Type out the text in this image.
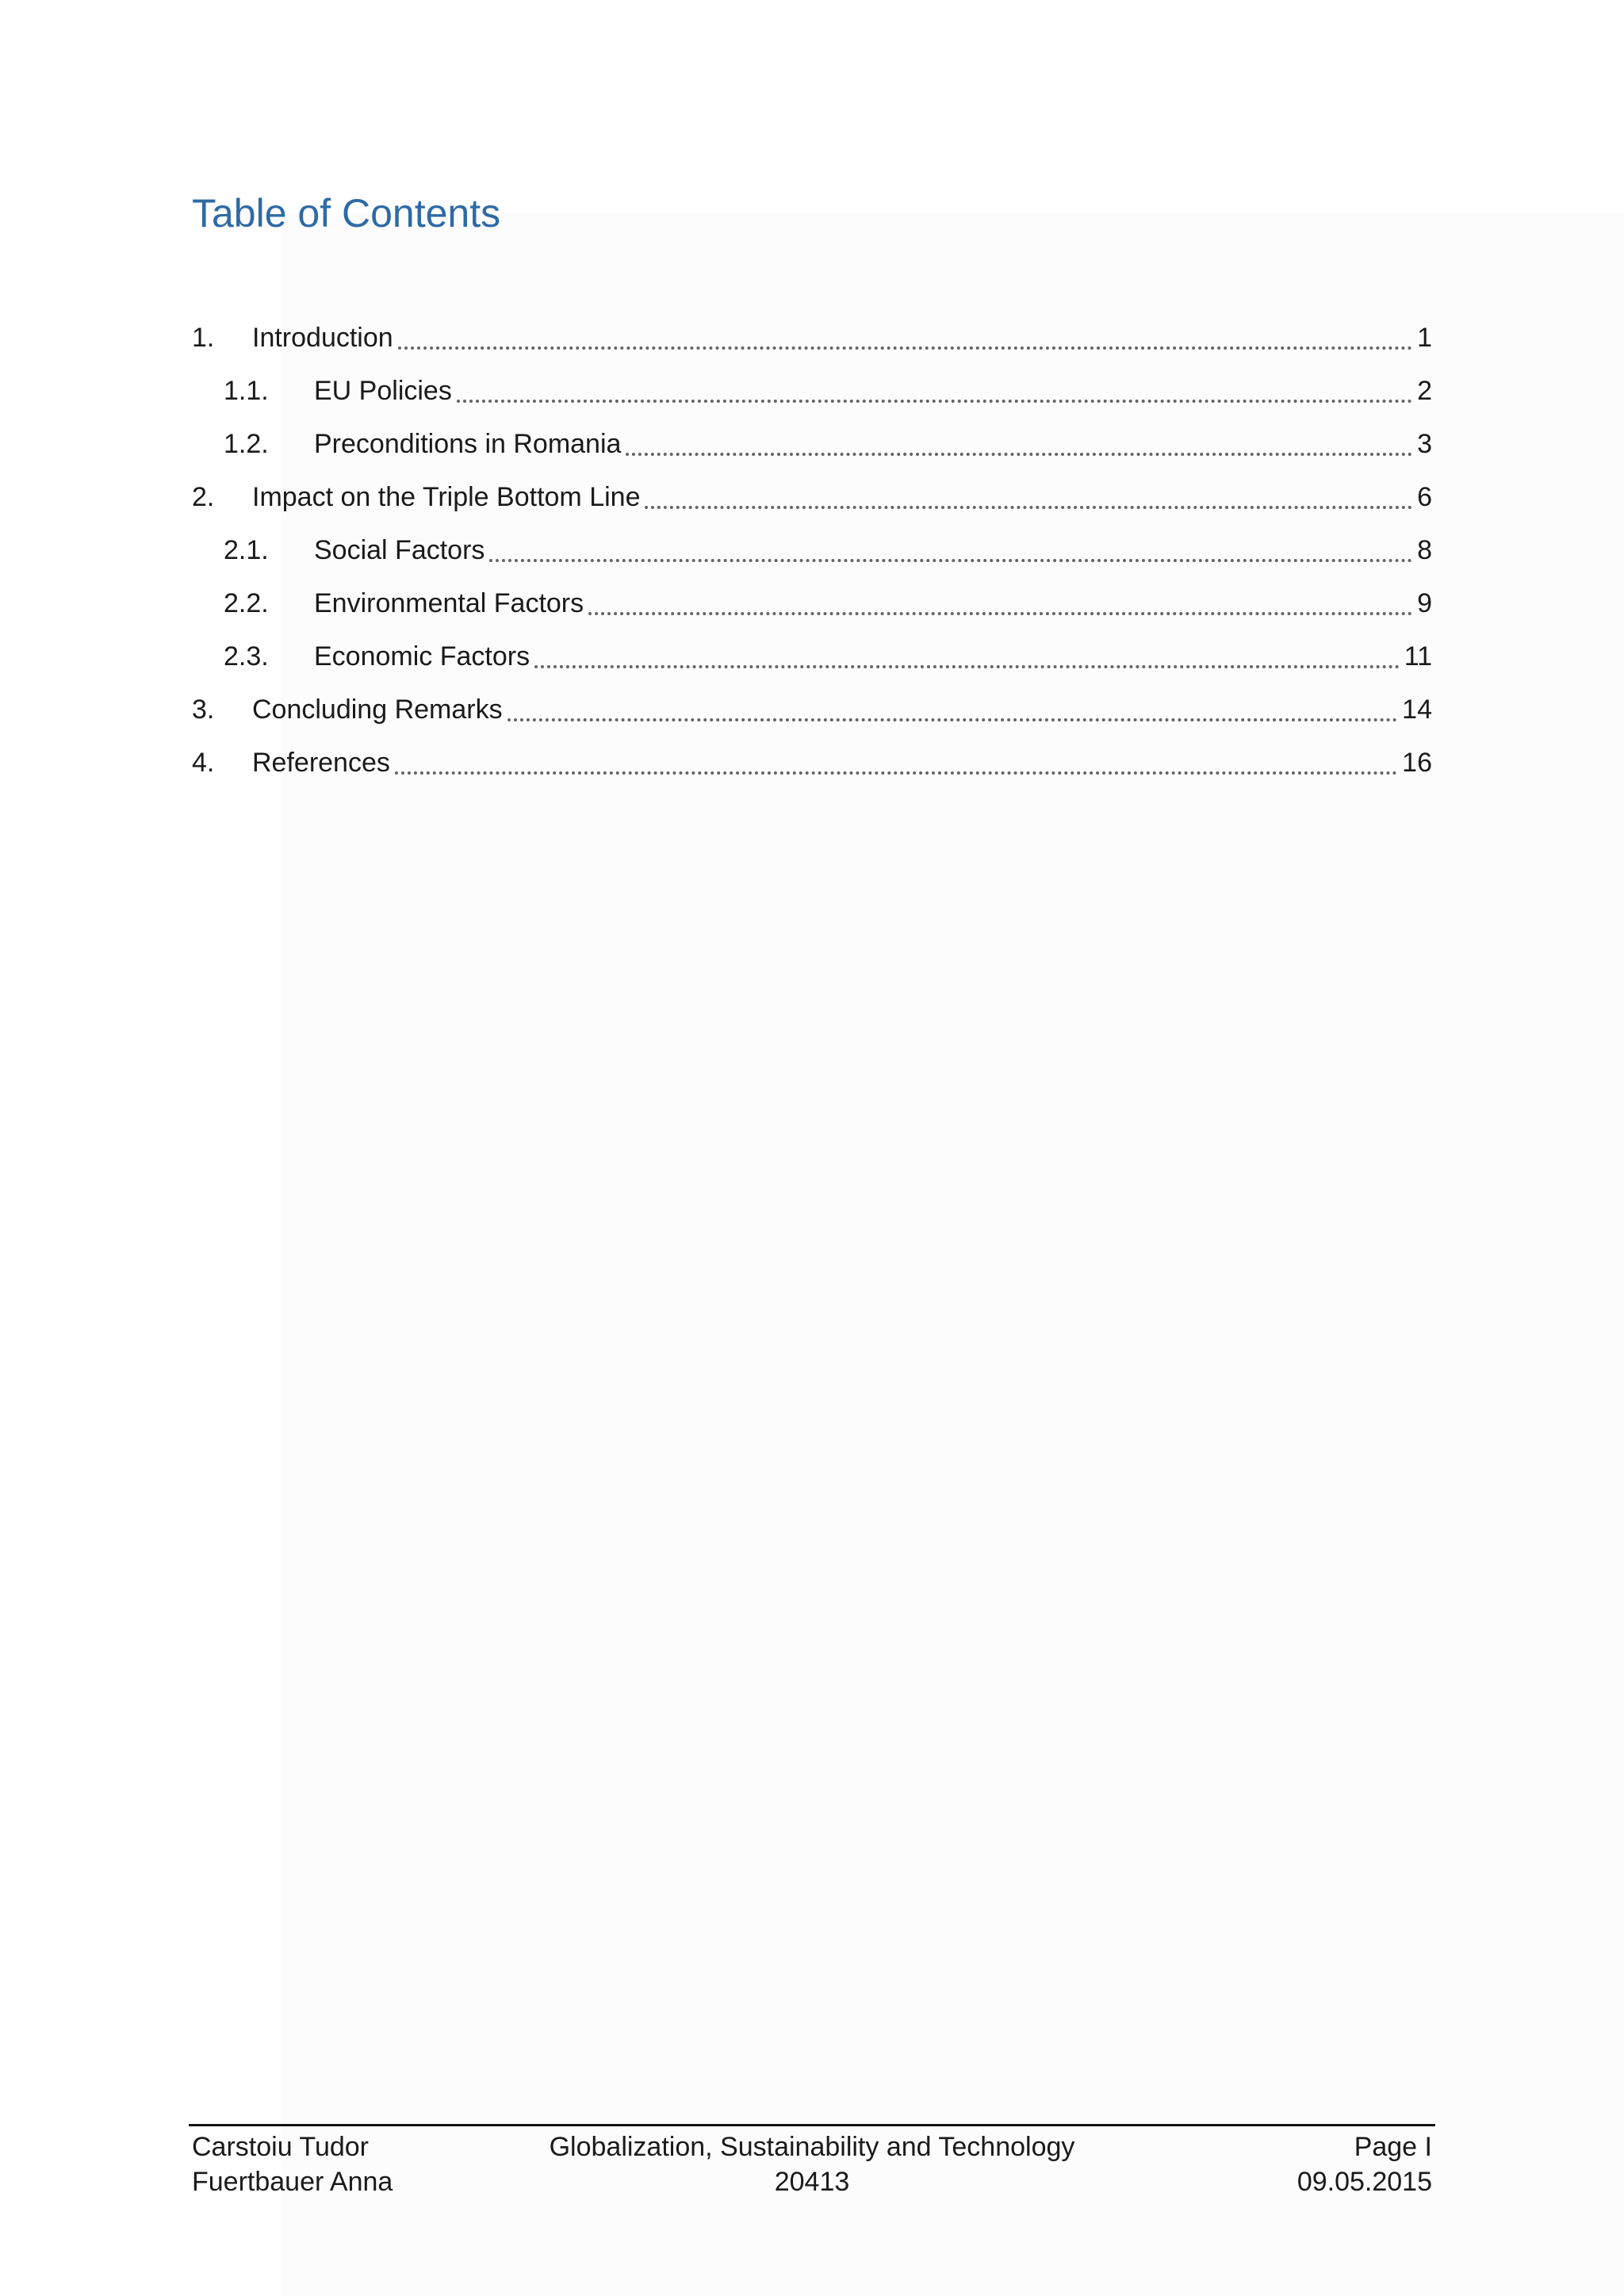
Table of Contents
1.	Introduction	1
1.1.	EU Policies	2
1.2.	Preconditions in Romania	3
2.	Impact on the Triple Bottom Line	6
2.1.	Social Factors	8
2.2.	Environmental Factors	9
2.3.	Economic Factors	11
3.	Concluding Remarks	14
4.	References	16
Carstoiu Tudor
Fuertbauer Anna
Globalization, Sustainability and Technology
20413
Page I
09.05.2015
